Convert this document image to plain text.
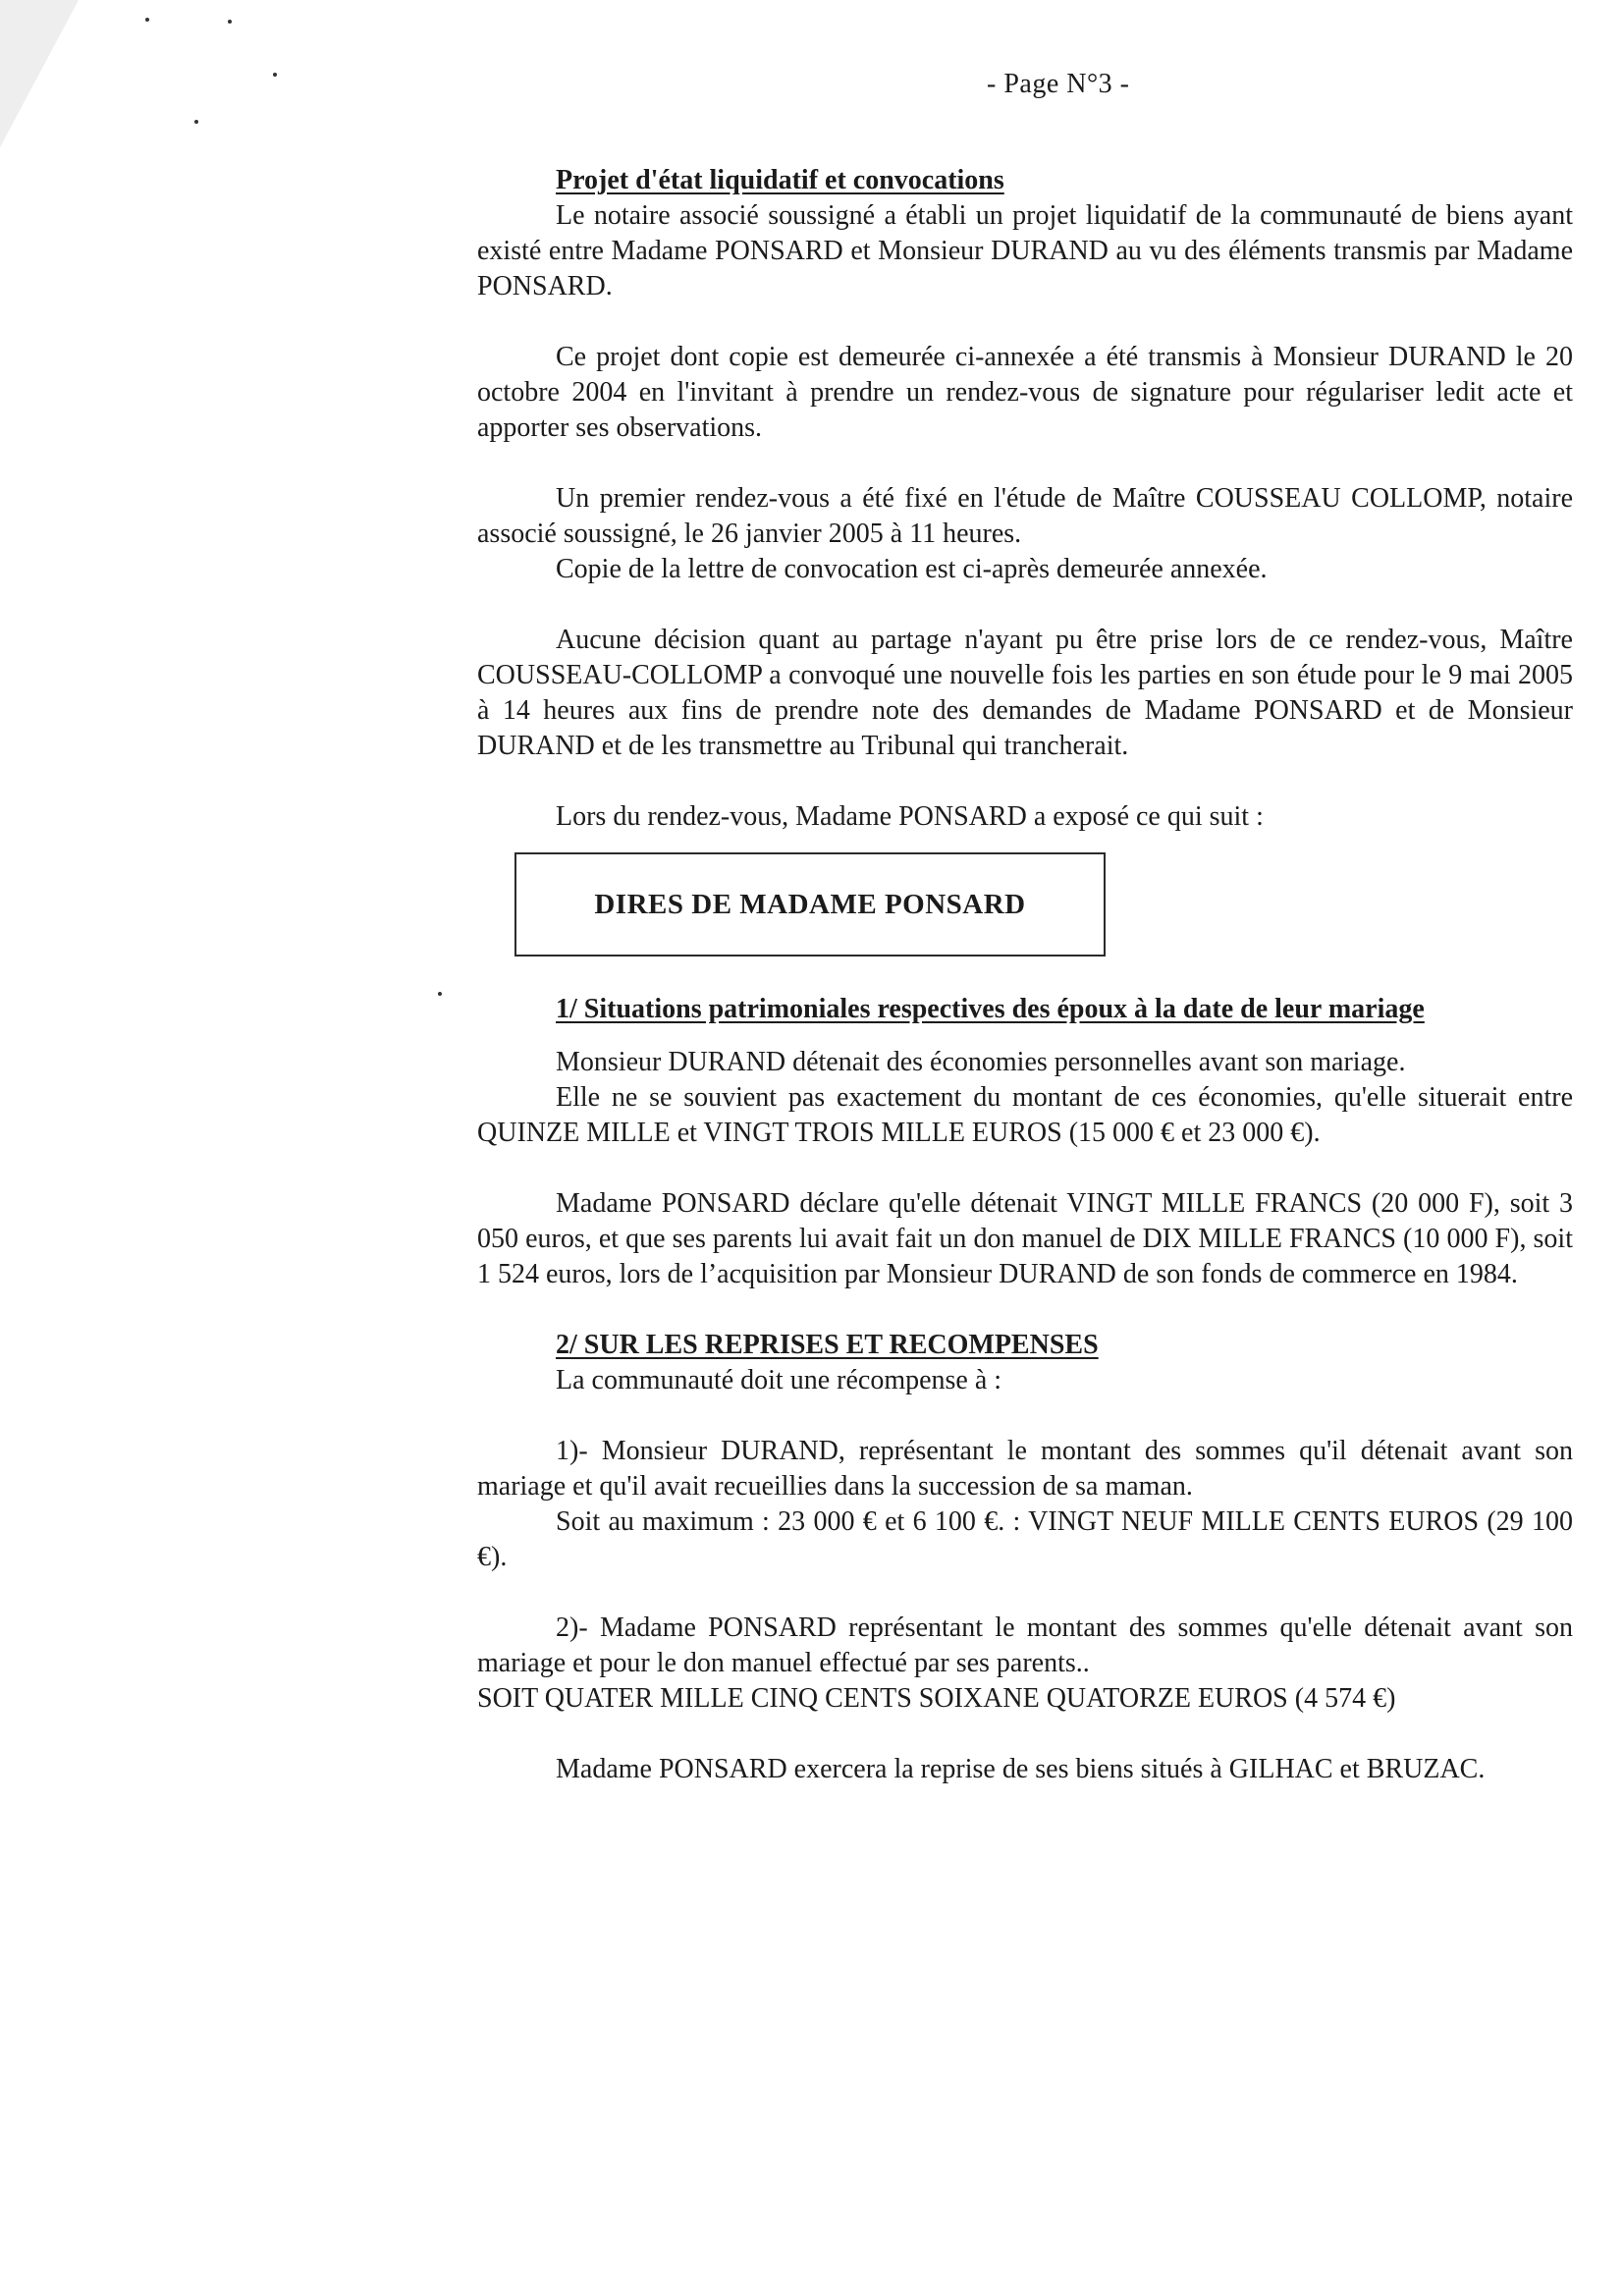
- Page N°3 -

Projet d'état liquidatif et convocations

Le notaire associé soussigné a établi un projet liquidatif de la communauté de biens ayant existé entre Madame PONSARD et Monsieur DURAND au vu des éléments transmis par Madame PONSARD.

Ce projet dont copie est demeurée ci-annexée a été transmis à Monsieur DURAND le 20 octobre 2004 en l'invitant à prendre un rendez-vous de signature pour régulariser ledit acte et apporter ses observations.

Un premier rendez-vous a été fixé en l'étude de Maître COUSSEAU COLLOMP, notaire associé soussigné, le 26 janvier 2005 à 11 heures.

Copie de la lettre de convocation est ci-après demeurée annexée.

Aucune décision quant au partage n'ayant pu être prise lors de ce rendez-vous, Maître COUSSEAU-COLLOMP a convoqué une nouvelle fois les parties en son étude pour le 9 mai 2005 à 14 heures aux fins de prendre note des demandes de Madame PONSARD et de Monsieur DURAND et de les transmettre au Tribunal qui trancherait.

Lors du rendez-vous, Madame PONSARD a exposé ce qui suit :

DIRES DE MADAME PONSARD

1/ Situations patrimoniales respectives des époux à la date de leur mariage

Monsieur DURAND détenait des économies personnelles avant son mariage.

Elle ne se souvient pas exactement du montant de ces économies, qu'elle situerait entre QUINZE MILLE et VINGT TROIS MILLE EUROS (15 000 € et 23 000 €).

Madame PONSARD déclare qu'elle détenait VINGT MILLE FRANCS (20 000 F), soit 3 050 euros, et que ses parents lui avait fait un don manuel de DIX MILLE FRANCS (10 000 F), soit 1 524 euros, lors de l’acquisition par Monsieur DURAND de son fonds de commerce en 1984.

2/ SUR LES REPRISES ET RECOMPENSES

La communauté doit une récompense à :

1)- Monsieur DURAND, représentant le montant des sommes qu'il détenait avant son mariage et qu'il avait recueillies dans la succession de sa maman.

Soit au maximum : 23 000 € et 6 100 €. : VINGT NEUF MILLE CENTS EUROS (29 100 €).

2)- Madame PONSARD représentant le montant des sommes qu'elle détenait avant son mariage et pour le don manuel effectué par ses parents..

SOIT QUATER MILLE CINQ CENTS SOIXANE QUATORZE EUROS (4 574 €)

Madame PONSARD exercera la reprise de ses biens situés à GILHAC et BRUZAC.
